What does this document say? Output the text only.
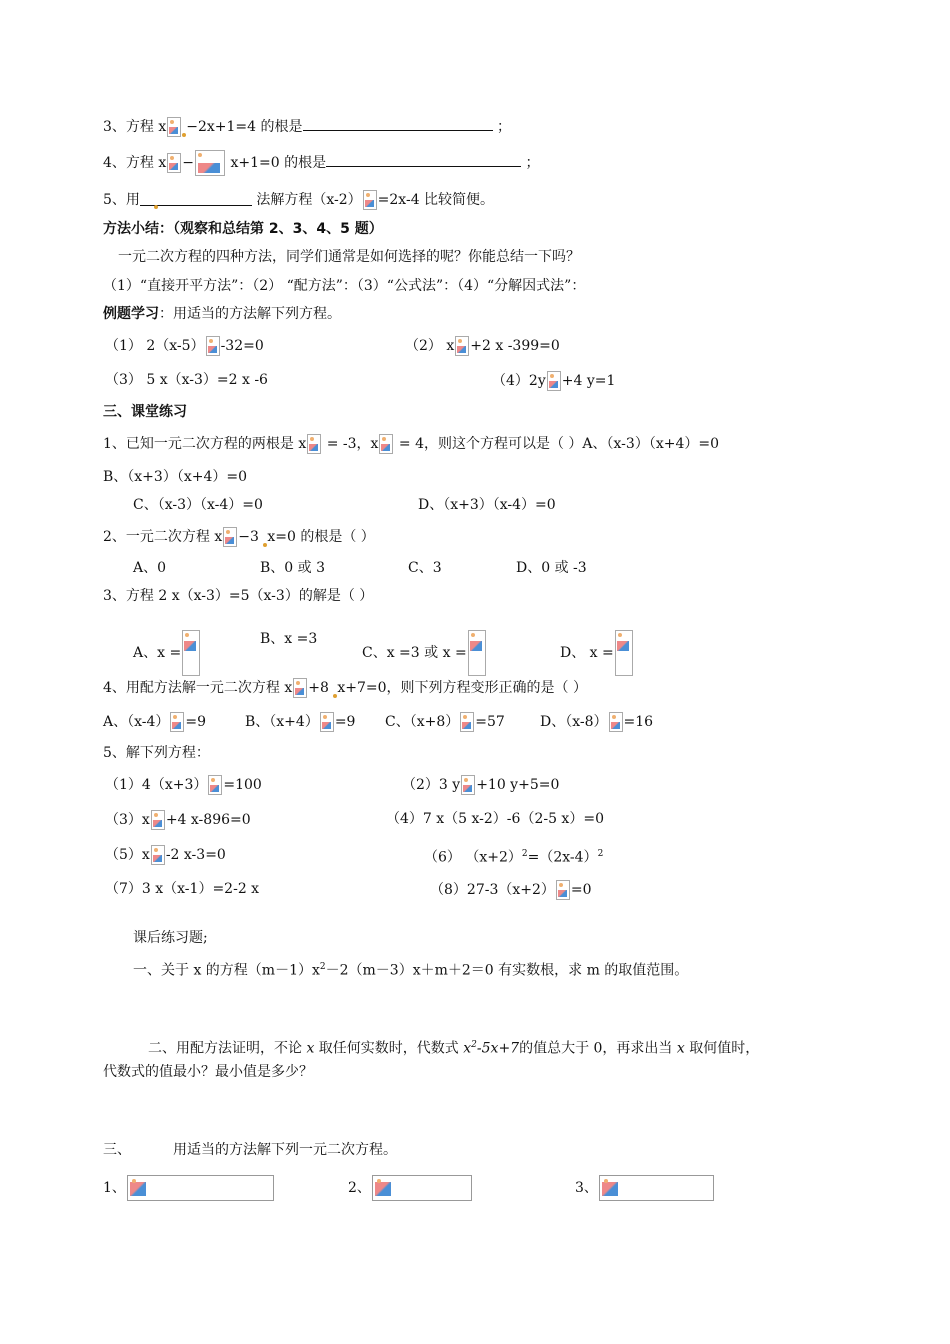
3、方程 x −2x+1=4 的根是	；
4、方程 x − x+1=0 的根是	；
5、用	法解方程（x-2） =2x-4 比较简便。
方法小结：（观察和总结第 2、3、4、5 题）
一元二次方程的四种方法，同学们通常是如何选择的呢？你能总结一下吗？
（1）“直接开平方法”：（2） “配方法”：（3）“公式法”：（4）“分解因式法”：
例题学习：用适当的方法解下列方程。
（1） 2（x-5） -32=0	（2） x +2 x -399=0
（3） 5 x（x-3）=2 x -6	（4）2y +4 y=1
三、课堂练习
1、已知一元二次方程的两根是 x = -3，x = 4，则这个方程可以是（ ）A、（x-3）（x+4）=0
B、（x+3）（x+4）=0
C、（x-3）（x-4）=0	D、（x+3）（x-4）=0
2、一元二次方程 x −3 x=0 的根是（ ）
A、0	B、0 或 3	C、3	D、0 或 -3
3、方程 2 x（x-3）=5（x-3）的解是（ ）
A、x =
B、x =3
C、x =3 或 x =	D、 x =
4、用配方法解一元二次方程 x +8 x+7=0，则下列方程变形正确的是（ ）
A、（x-4） =9	B、（x+4） =9 C、（x+8） =57	D、（x-8） =16
5、解下列方程：
（1）4（x+3） =100	（2）3 y +10 y+5=0
（3）x +4 x-896=0	（4）7 x（5 x-2）-6（2-5 x）=0
（5）x -2 x-3=0	（6） $(x+2)^2=(2x-4)^2$
（7）3 x（x-1）=2-2 x	（8）27-3（x+2） =0
课后练习题;
一、关于 x 的方程$(m-1)x^2-2(m-3)x+m+2=0$ 有实数根，求 m 的取值范围。
二、用配方法证明，不论 x 取任何实数时，代数式 $x^2-5x+7$的值总大于 0，再求出当 x 取何值时，
代数式的值最小？最小值是多少？
三、	用适当的方法解下列一元二次方程。
1、	2、	3、
